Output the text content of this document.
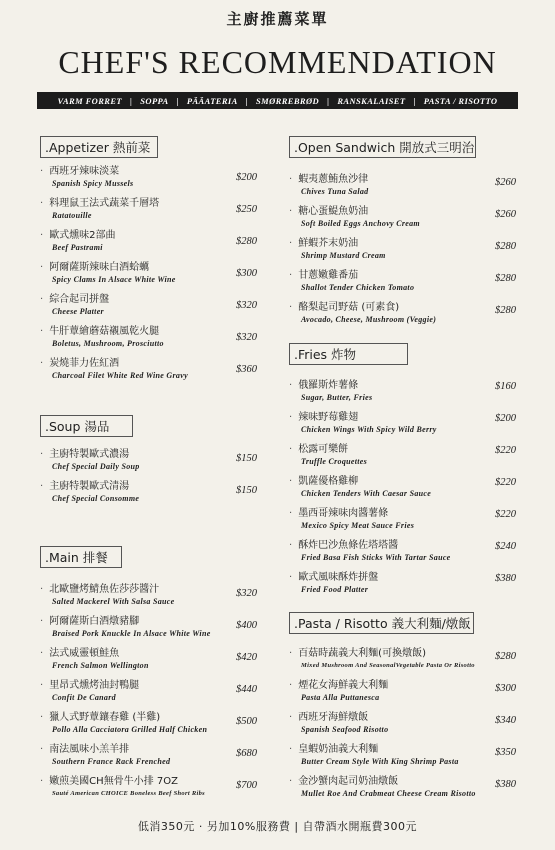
主廚推薦菜單
CHEF'S RECOMMENDATION
VARM FORRET | SOPPA | PÄÄATERIA | SMØRREBRØD | RANSKALAISET | PASTA / RISOTTO
.Appetizer 熱前菜
.Soup 湯品
.Main 排餐
.Open Sandwich 開放式三明治
.Fries 炸物
.Pasta / Risotto 義大利麵/燉飯
· 西班牙辣味淡菜
Spanish Spicy Mussels
$200
· 料理鼠王法式蔬菜千層塔
Ratatouille
$250
· 歐式燻味2部曲
Beef Pastrami
$280
· 阿爾薩斯辣味白酒蛤蠣
Spicy Clams In Alsace White Wine
$300
· 綜合起司拼盤
Cheese Platter
$320
· 牛肝蕈繪蘑菇襯風乾火腿
Boletus, Mushroom, Prosciutto
$320
· 炭燒菲力佐紅酒
Charcoal Filet White Red Wine Gravy
$360
· 主廚特製歐式濃湯
Chef Special Daily Soup
$150
· 主廚特製歐式清湯
Chef Special Consomme
$150
· 北歐鹽烤鯖魚佐莎莎醬汁
Salted Mackerel With Salsa Sauce
$320
· 阿爾薩斯白酒燉豬腳
Braised Pork Knuckle In Alsace White Wine
$400
· 法式威靈頓鮭魚
French Salmon Wellington
$420
· 里昂式燻烤油封鴨腿
Confit De Canard
$440
· 獵人式野蕈鑲春雞 (半雞)
Pollo Alla Cacciatora Grilled Half Chicken
$500
· 南法風味小羔羊排
Southern France Rack Frenched
$680
· 嫩煎美國CH無骨牛小排 7OZ
Sauté American CHOICE Boneless Beef Short Ribs
$700
· 蝦夷蔥鮪魚沙律
Chives Tuna Salad
$260
· 糖心蛋鯷魚奶油
Soft Boiled Eggs Anchovy Cream
$260
· 鮮蝦芥末奶油
Shrimp Mustard Cream
$280
· 甘蔥嫩雞番茄
Shallot Tender Chicken Tomato
$280
· 酪梨起司野菇 (可素食)
Avocado, Cheese, Mushroom (Veggie)
$280
· 俄羅斯炸薯條
Sugar, Butter, Fries
$160
· 辣味野莓雞翅
Chicken Wings With Spicy Wild Berry
$200
· 松露可樂餅
Truffle Croquettes
$220
· 凱薩優格雞柳
Chicken Tenders With Caesar Sauce
$220
· 墨西哥辣味肉醬薯條
Mexico Spicy Meat Sauce Fries
$220
· 酥炸巴沙魚條佐塔塔醬
Fried Basa Fish Sticks With Tartar Sauce
$240
· 歐式風味酥炸拼盤
Fried Food Platter
$380
· 百菇時蔬義大利麵(可換燉飯)
Mixed Mushroom And SeasonalVegetable Pasta Or Risotto
$280
· 煙花女海鮮義大利麵
Pasta Alla Puttanesca
$300
· 西班牙海鮮燉飯
Spanish Seafood Risotto
$340
· 皇蝦奶油義大利麵
Butter Cream Style With King Shrimp Pasta
$350
· 金沙蟹肉起司奶油燉飯
Mullet Roe And Crabmeat Cheese Cream Risotto
$380
低消350元 · 另加10%服務費 | 自帶酒水開瓶費300元
